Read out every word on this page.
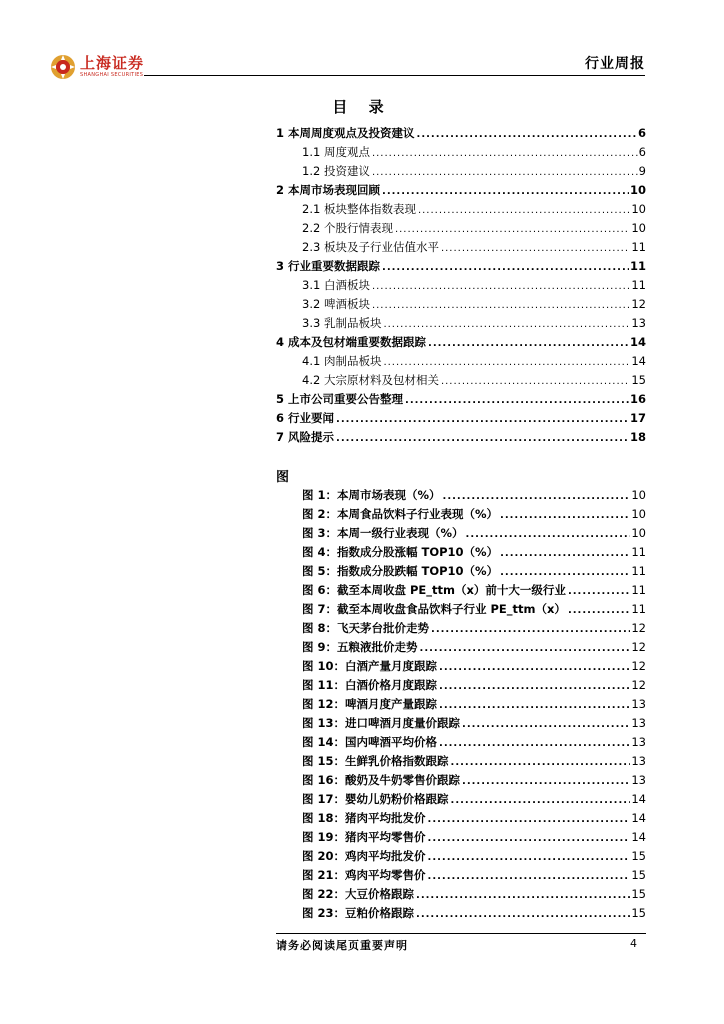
上海证券
SHANGHAI SECURITIES
行业周报
目 录
1 本周周度观点及投资建议 .....	6
1.1 周度观点 .....	6
1.2 投资建议 .....	9
2 本周市场表现回顾 .....	10
2.1 板块整体指数表现 .....	10
2.2 个股行情表现 .....	10
2.3 板块及子行业估值水平 .....	11
3 行业重要数据跟踪 .....	11
3.1 白酒板块 .....	11
3.2 啤酒板块 .....	12
3.3 乳制品板块 .....	13
4 成本及包材端重要数据跟踪 .....	14
4.1 肉制品板块 .....	14
4.2 大宗原材料及包材相关 .....	15
5 上市公司重要公告整理 .....	16
6 行业要闻 .....	17
7 风险提示 .....	18
图
图 1：本周市场表现（%） .....	10
图 2：本周食品饮料子行业表现（%） .....	10
图 3：本周一级行业表现（%） .....	10
图 4：指数成分股涨幅 TOP10（%） .....	11
图 5：指数成分股跌幅 TOP10（%） .....	11
图 6：截至本周收盘 PE_ttm（x）前十大一级行业 .....	11
图 7：截至本周收盘食品饮料子行业 PE_ttm（x） .....	11
图 8：飞天茅台批价走势 .....	12
图 9：五粮液批价走势 .....	12
图 10：白酒产量月度跟踪 .....	12
图 11：白酒价格月度跟踪 .....	12
图 12：啤酒月度产量跟踪 .....	13
图 13：进口啤酒月度量价跟踪 .....	13
图 14：国内啤酒平均价格 .....	13
图 15：生鲜乳价格指数跟踪 .....	13
图 16：酸奶及牛奶零售价跟踪 .....	13
图 17：婴幼儿奶粉价格跟踪 .....	14
图 18：猪肉平均批发价 .....	14
图 19：猪肉平均零售价 .....	14
图 20：鸡肉平均批发价 .....	15
图 21：鸡肉平均零售价 .....	15
图 22：大豆价格跟踪 .....	15
图 23：豆粕价格跟踪 .....	15
请务必阅读尾页重要声明	4
